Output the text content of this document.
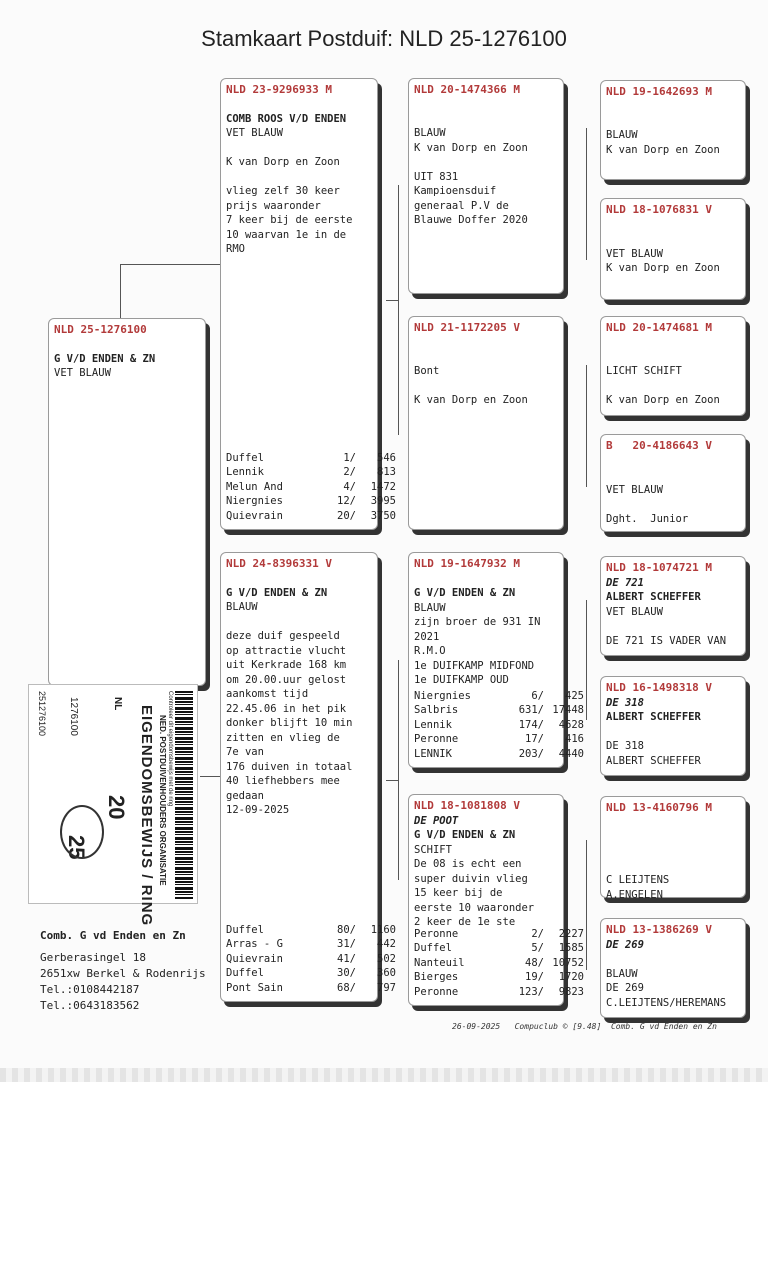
Stamkaart Postduif: NLD 25-1276100
NLD 25-1276100
G V/D ENDEN & ZN
VET BLAUW
NLD 23-9296933 M
COMB ROOS V/D ENDEN
VET BLAUW
K van Dorp en Zoon
vlieg zelf 30 keer
prijs waaronder
7 keer bij de eerste
10 waarvan 1e in de
RMO
Duffel	1/	546
Lennik	2/	813
Melun And	4/	1472
Niergnies	12/	3995
Quievrain	20/	3750
NLD 24-8396331 V
G V/D ENDEN & ZN
BLAUW
deze duif gespeeld
op attractie vlucht
uit Kerkrade 168 km
om 20.00.uur gelost
aankomst tijd
22.45.06 in het pik
donker blijft 10 min
zitten en vlieg de
7e van
176 duiven in totaal
40 liefhebbers mee
gedaan
12-09-2025
Duffel	80/	1160
Arras - G	31/	442
Quievrain	41/	502
Duffel	30/	360
Pont Sain	68/	797
NLD 20-1474366 M
BLAUW
K van Dorp en Zoon
UIT 831
Kampioensduif
generaal P.V de
Blauwe Doffer 2020
NLD 21-1172205 V
Bont
K van Dorp en Zoon
NLD 19-1647932 M
G V/D ENDEN & ZN
BLAUW
zijn broer de 931 IN
2021
R.M.O
1e DUIFKAMP MIDFOND
1e DUIFKAMP OUD
Niergnies	6/	425
Salbris	631/ 17448
Lennik	174/	4628
Peronne	17/	416
LENNIK	203/	4440
NLD 18-1081808 V
DE POOT
G V/D ENDEN & ZN
SCHIFT
De 08 is echt een
super duivin vlieg
15 keer bij de
eerste 10 waaronder
2 keer de 1e ste
Peronne	2/	2227
Duffel	5/	1585
Nanteuil	48/ 10752
Bierges	19/	1720
Peronne	123/	9823
NLD 19-1642693 M
BLAUW
K van Dorp en Zoon
NLD 18-1076831 V
VET BLAUW
K van Dorp en Zoon
NLD 20-1474681 M
LICHT SCHIFT
K van Dorp en Zoon
B   20-4186643 V
VET BLAUW
Dght.  Junior
NLD 18-1074721 M
DE 721
ALBERT SCHEFFER
VET BLAUW
DE 721 IS VADER VAN
NLD 16-1498318 V
DE 318
ALBERT SCHEFFER
DE 318
ALBERT SCHEFFER
NLD 13-4160796 M
C LEIJTENS
A.ENGELEN
NLD 13-1386269 V
DE 269
BLAUW
DE 269
C.LEIJTENS/HEREMANS
Controleer dit eigendomsbewijs met de ring
NED. POSTDUIVENHOUDERS ORGANISATIE
EIGENDOMSBEWIJS / RING
NL
20
25
1276100
251276100
Comb. G vd Enden en Zn
Gerberasingel 18
2651xw Berkel & Rodenrijs
Tel.:0108442187
Tel.:0643183562
26-09-2025   Compuclub © [9.48]  Comb. G vd Enden en Zn
